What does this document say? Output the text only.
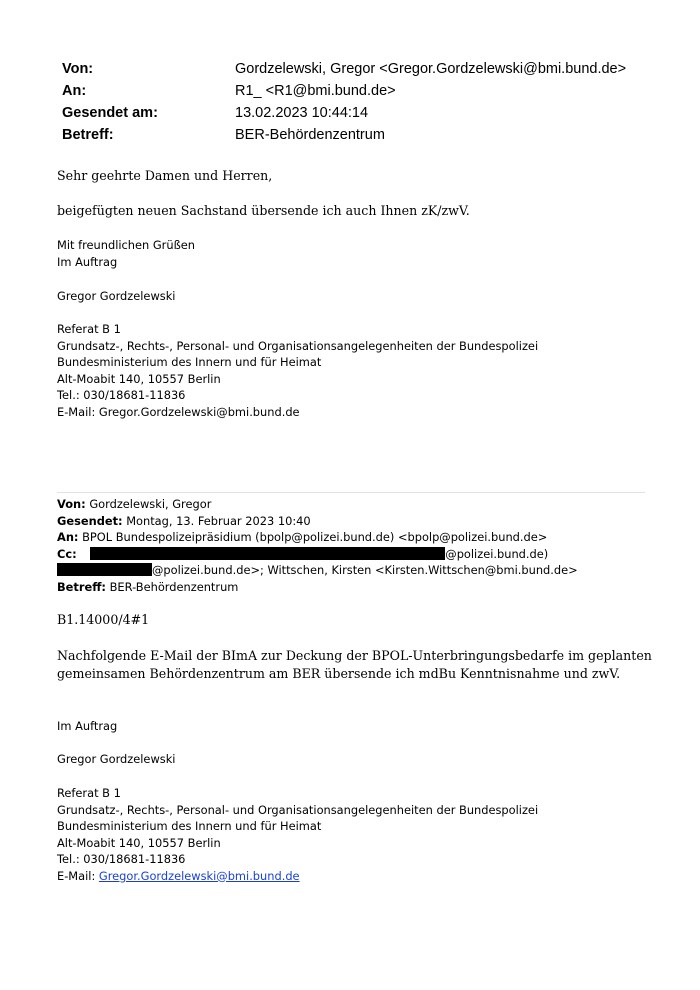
Von:	Gordzelewski, Gregor <Gregor.Gordzelewski@bmi.bund.de>
An:	R1_ <R1@bmi.bund.de>
Gesendet am:	13.02.2023 10:44:14
Betreff:	BER-Behördenzentrum
Sehr geehrte Damen und Herren,
beigefügten neuen Sachstand übersende ich auch Ihnen zK/zwV.
Mit freundlichen Grüßen
Im Auftrag
Gregor Gordzelewski
Referat B 1
Grundsatz-, Rechts-, Personal- und Organisationsangelegenheiten der Bundespolizei
Bundesministerium des Innern und für Heimat
Alt-Moabit 140, 10557 Berlin
Tel.: 030/18681-11836
E-Mail: Gregor.Gordzelewski@bmi.bund.de
Von: Gordzelewski, Gregor
Gesendet: Montag, 13. Februar 2023 10:40
An: BPOL Bundespolizeipräsidium (bpolp@polizei.bund.de) <bpolp@polizei.bund.de>
Cc:	@polizei.bund.de)
@polizei.bund.de>; Wittschen, Kirsten <Kirsten.Wittschen@bmi.bund.de>
Betreff: BER-Behördenzentrum
B1.14000/4#1
Nachfolgende E-Mail der BImA zur Deckung der BPOL-Unterbringungsbedarfe im geplanten
gemeinsamen Behördenzentrum am BER übersende ich mdBu Kenntnisnahme und zwV.
Im Auftrag
Gregor Gordzelewski
Referat B 1
Grundsatz-, Rechts-, Personal- und Organisationsangelegenheiten der Bundespolizei
Bundesministerium des Innern und für Heimat
Alt-Moabit 140, 10557 Berlin
Tel.: 030/18681-11836
E-Mail: Gregor.Gordzelewski@bmi.bund.de
